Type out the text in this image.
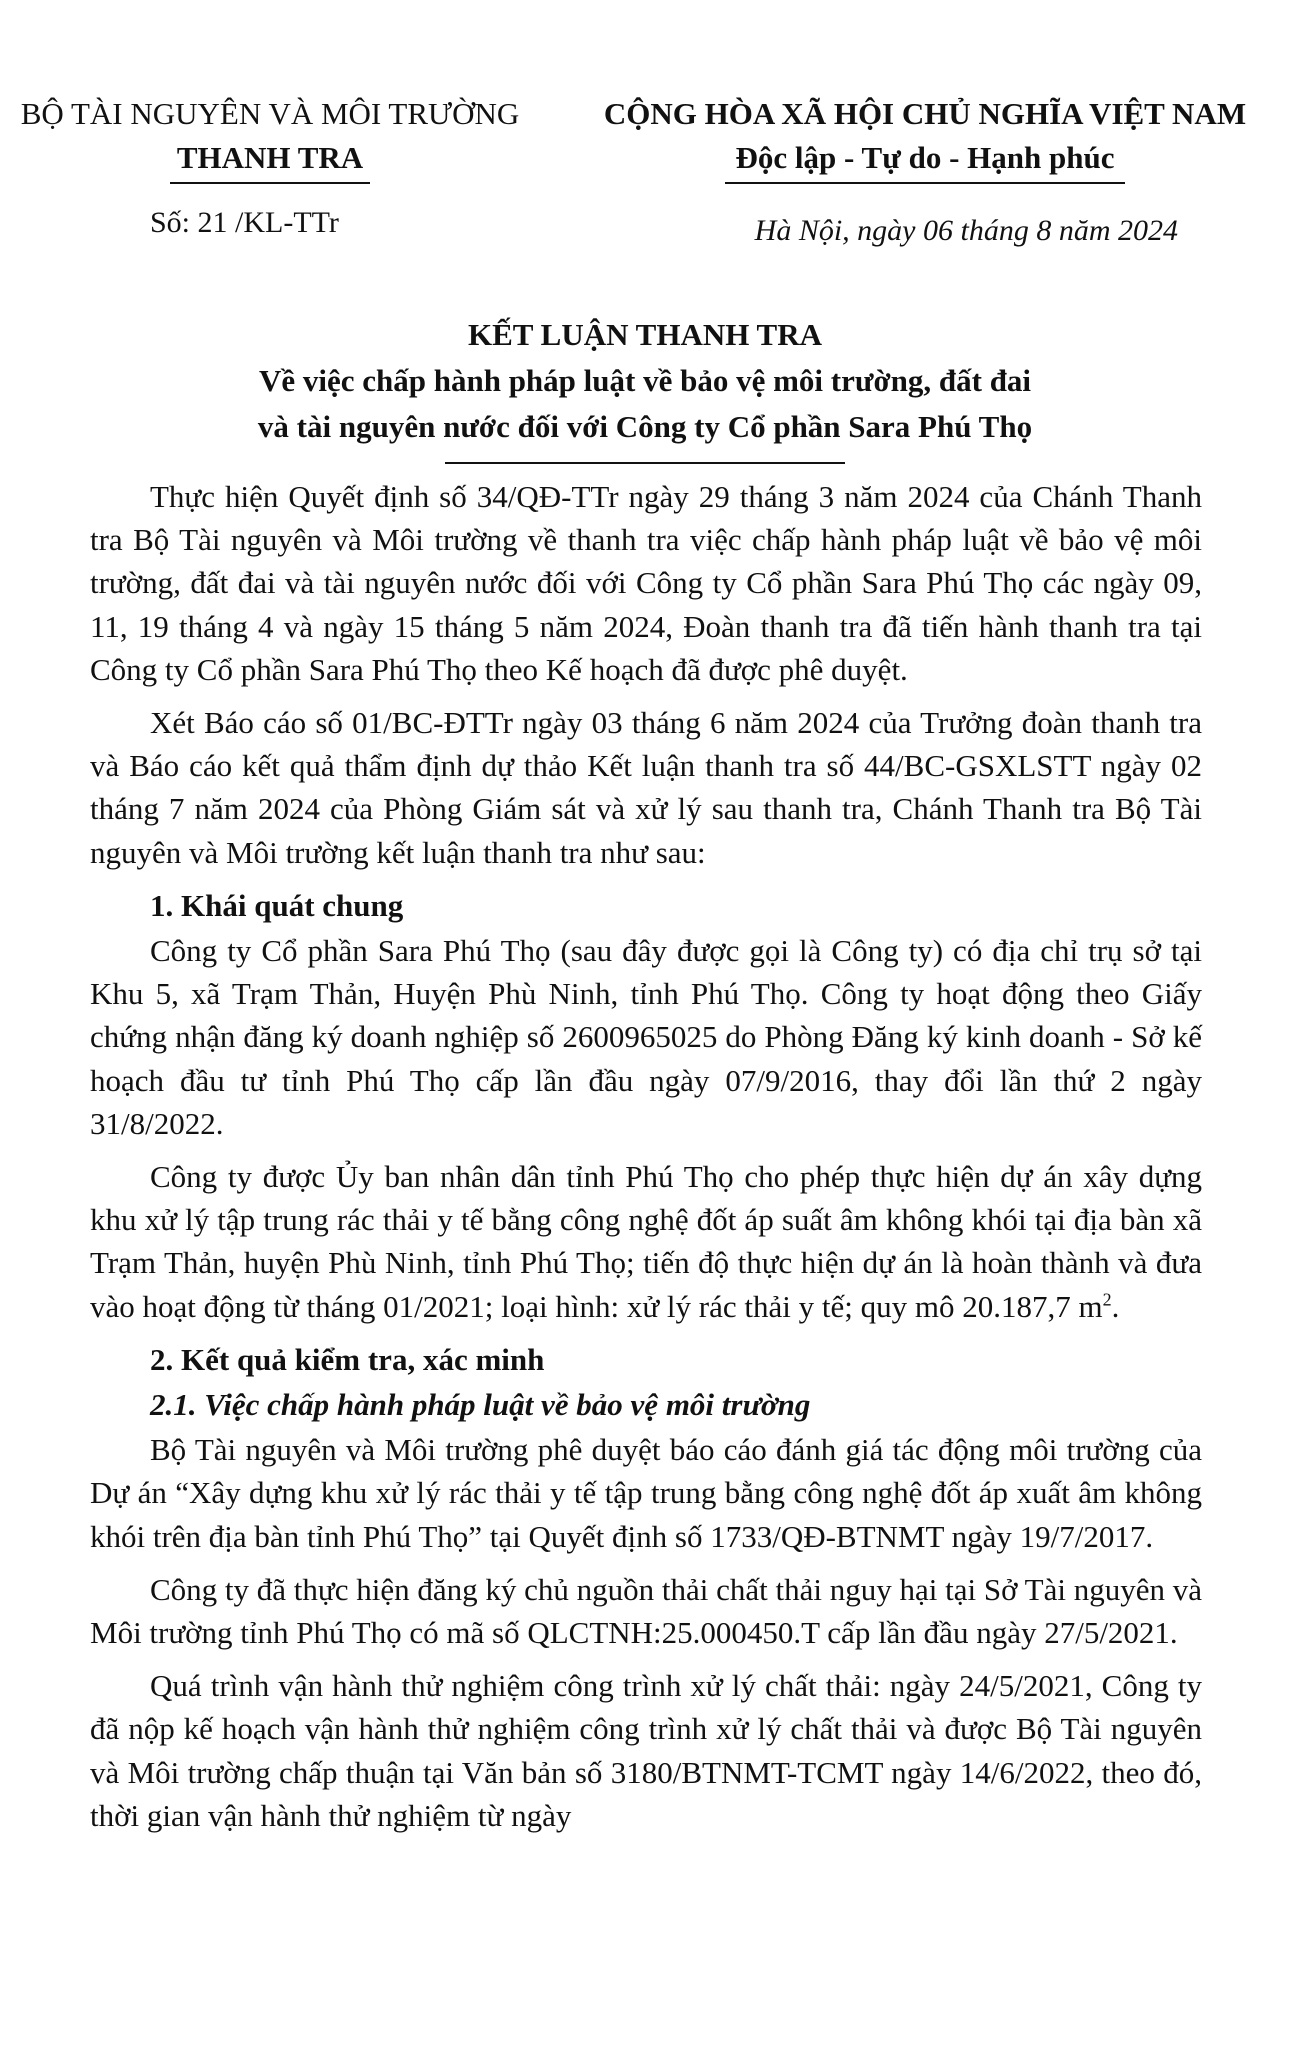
BỘ TÀI NGUYÊN VÀ MÔI TRƯỜNG
THANH TRA
CỘNG HÒA XÃ HỘI CHỦ NGHĨA VIỆT NAM
Độc lập - Tự do - Hạnh phúc
Số: 21 /KL-TTr	Hà Nội, ngày 06 tháng 8 năm 2024
KẾT LUẬN THANH TRA
Về việc chấp hành pháp luật về bảo vệ môi trường, đất đai
và tài nguyên nước đối với Công ty Cổ phần Sara Phú Thọ

Thực hiện Quyết định số 34/QĐ-TTr ngày 29 tháng 3 năm 2024 của Chánh Thanh tra Bộ Tài nguyên và Môi trường về thanh tra việc chấp hành pháp luật về bảo vệ môi trường, đất đai và tài nguyên nước đối với Công ty Cổ phần Sara Phú Thọ các ngày 09, 11, 19 tháng 4 và ngày 15 tháng 5 năm 2024, Đoàn thanh tra đã tiến hành thanh tra tại Công ty Cổ phần Sara Phú Thọ theo Kế hoạch đã được phê duyệt.

Xét Báo cáo số 01/BC-ĐTTr ngày 03 tháng 6 năm 2024 của Trưởng đoàn thanh tra và Báo cáo kết quả thẩm định dự thảo Kết luận thanh tra số 44/BC-GSXLSTT ngày 02 tháng 7 năm 2024 của Phòng Giám sát và xử lý sau thanh tra, Chánh Thanh tra Bộ Tài nguyên và Môi trường kết luận thanh tra như sau:

1. Khái quát chung

Công ty Cổ phần Sara Phú Thọ (sau đây được gọi là Công ty) có địa chỉ trụ sở tại Khu 5, xã Trạm Thản, Huyện Phù Ninh, tỉnh Phú Thọ. Công ty hoạt động theo Giấy chứng nhận đăng ký doanh nghiệp số 2600965025 do Phòng Đăng ký kinh doanh - Sở kế hoạch đầu tư tỉnh Phú Thọ cấp lần đầu ngày 07/9/2016, thay đổi lần thứ 2 ngày 31/8/2022.

Công ty được Ủy ban nhân dân tỉnh Phú Thọ cho phép thực hiện dự án xây dựng khu xử lý tập trung rác thải y tế bằng công nghệ đốt áp suất âm không khói tại địa bàn xã Trạm Thản, huyện Phù Ninh, tỉnh Phú Thọ; tiến độ thực hiện dự án là hoàn thành và đưa vào hoạt động từ tháng 01/2021; loại hình: xử lý rác thải y tế; quy mô 20.187,7 $m^2$.

2. Kết quả kiểm tra, xác minh

2.1. Việc chấp hành pháp luật về bảo vệ môi trường

Bộ Tài nguyên và Môi trường phê duyệt báo cáo đánh giá tác động môi trường của Dự án “Xây dựng khu xử lý rác thải y tế tập trung bằng công nghệ đốt áp xuất âm không khói trên địa bàn tỉnh Phú Thọ” tại Quyết định số 1733/QĐ-BTNMT ngày 19/7/2017.

Công ty đã thực hiện đăng ký chủ nguồn thải chất thải nguy hại tại Sở Tài nguyên và Môi trường tỉnh Phú Thọ có mã số QLCTNH:25.000450.T cấp lần đầu ngày 27/5/2021.

Quá trình vận hành thử nghiệm công trình xử lý chất thải: ngày 24/5/2021, Công ty đã nộp kế hoạch vận hành thử nghiệm công trình xử lý chất thải và được Bộ Tài nguyên và Môi trường chấp thuận tại Văn bản số 3180/BTNMT-TCMT ngày 14/6/2022, theo đó, thời gian vận hành thử nghiệm từ ngày
